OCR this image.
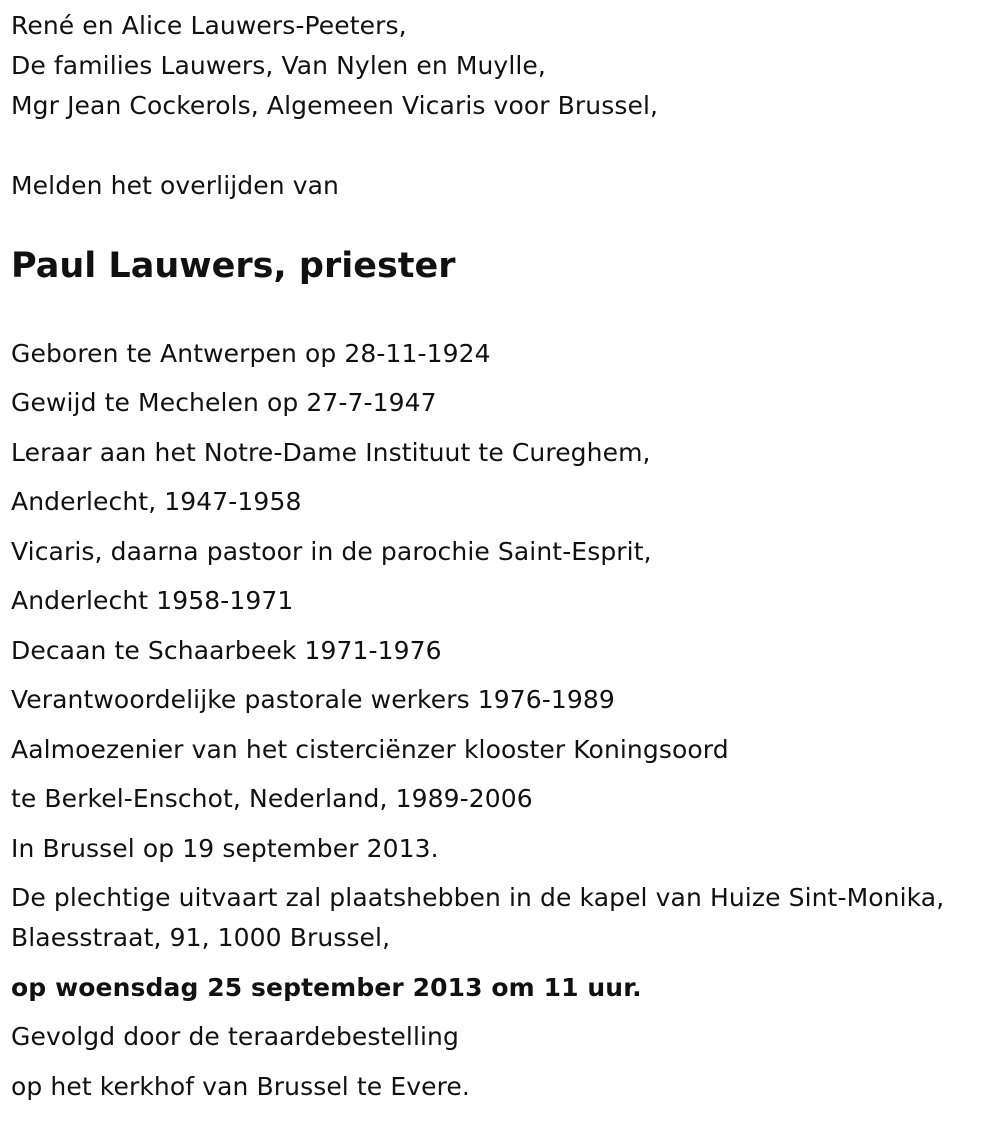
René en Alice Lauwers-Peeters,
De families Lauwers, Van Nylen en Muylle,
Mgr Jean Cockerols, Algemeen Vicaris voor Brussel,
Melden het overlijden van
Paul Lauwers, priester
Geboren te Antwerpen op 28-11-1924
Gewijd te Mechelen op 27-7-1947
Leraar aan het Notre-Dame Instituut te Cureghem,
Anderlecht, 1947-1958
Vicaris, daarna pastoor in de parochie Saint-Esprit,
Anderlecht 1958-1971
Decaan te Schaarbeek 1971-1976
Verantwoordelijke pastorale werkers 1976-1989
Aalmoezenier van het cisterciënzer klooster Koningsoord
te Berkel-Enschot, Nederland, 1989-2006
In Brussel op 19 september 2013.
De plechtige uitvaart zal plaatshebben in de kapel van Huize Sint-Monika,
Blaesstraat, 91, 1000 Brussel,
op woensdag 25 september 2013 om 11 uur.
Gevolgd door de teraardebestelling
op het kerkhof van Brussel te Evere.
